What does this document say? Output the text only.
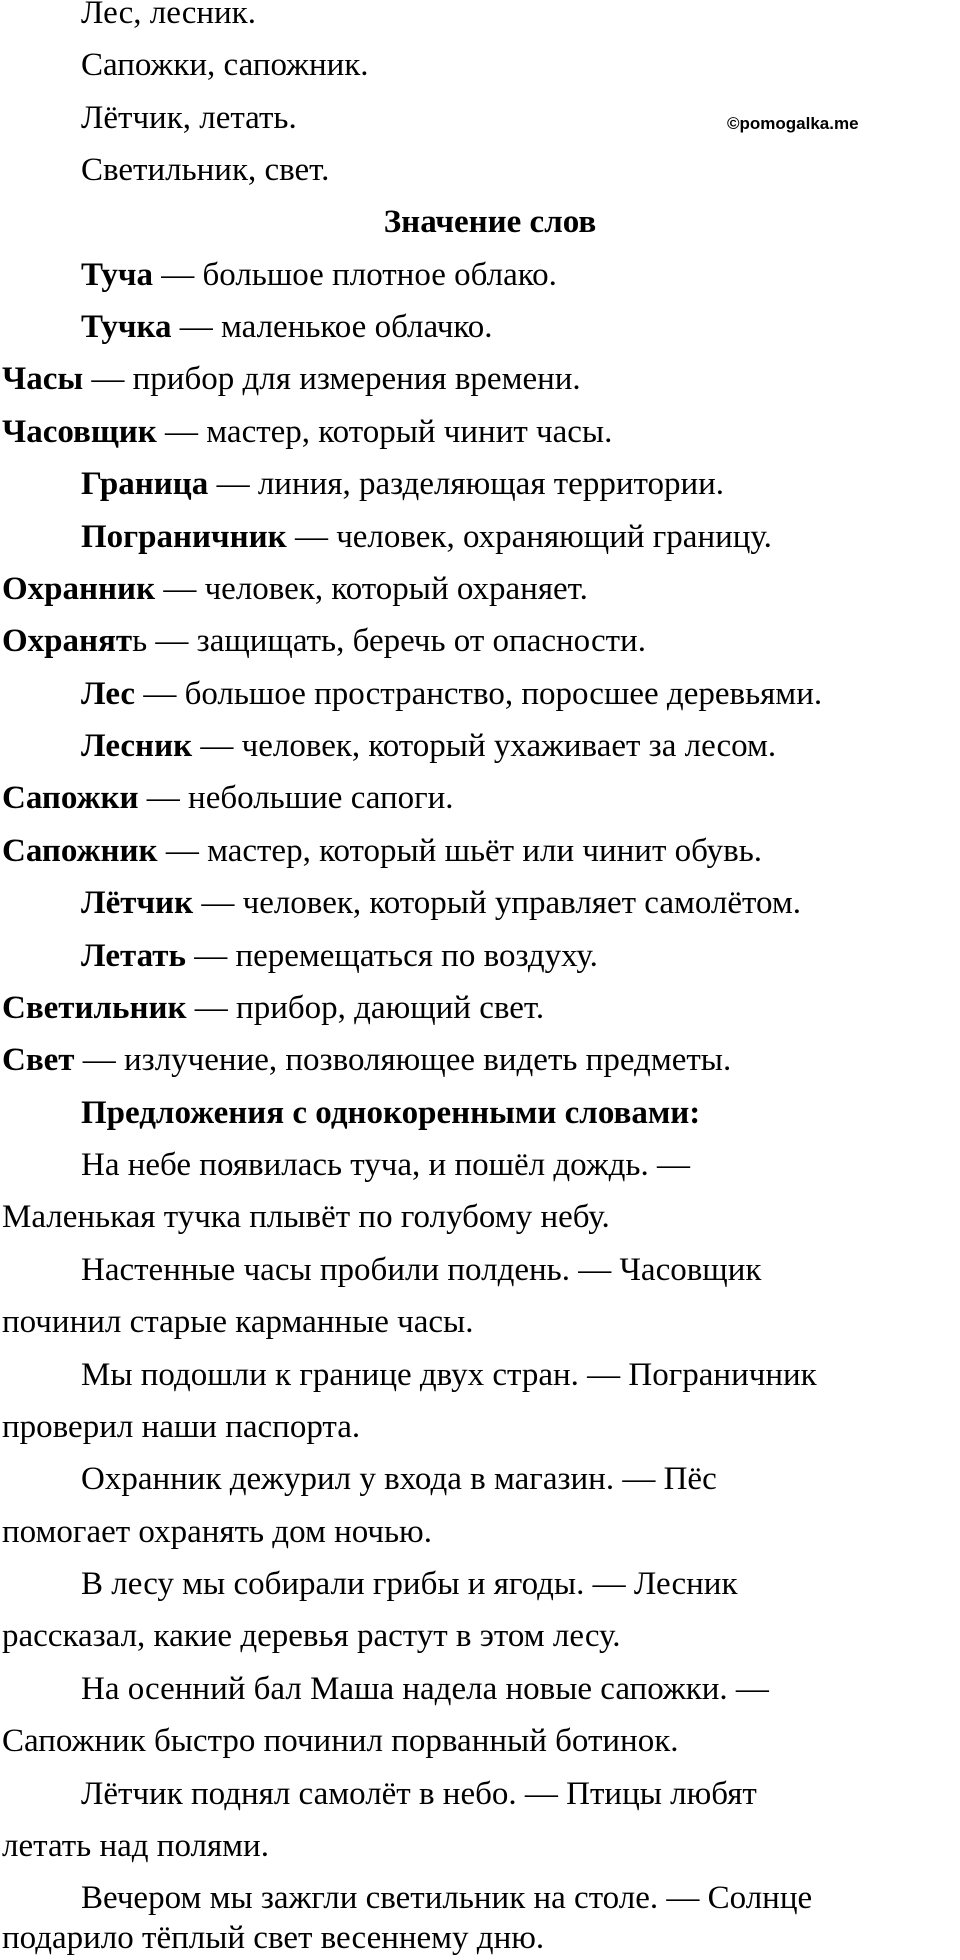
©pomogalka.me
Лес, лесник.
Сапожки, сапожник.
Лётчик, летать.
Светильник, свет.
Значение слов
Туча — большое плотное облако.
Тучка — маленькое облачко.
Часы — прибор для измерения времени.
Часовщик — мастер, который чинит часы.
Граница — линия, разделяющая территории.
Пограничник — человек, охраняющий границу.
Охранник — человек, который охраняет.
Охранять — защищать, беречь от опасности.
Лес — большое пространство, поросшее деревьями.
Лесник — человек, который ухаживает за лесом.
Сапожки — небольшие сапоги.
Сапожник — мастер, который шьёт или чинит обувь.
Лётчик — человек, который управляет самолётом.
Летать — перемещаться по воздуху.
Светильник — прибор, дающий свет.
Свет — излучение, позволяющее видеть предметы.
Предложения с однокоренными словами:
На небе появилась туча, и пошёл дождь. —
Маленькая тучка плывёт по голубому небу.
Настенные часы пробили полдень. — Часовщик
починил старые карманные часы.
Мы подошли к границе двух стран. — Пограничник
проверил наши паспорта.
Охранник дежурил у входа в магазин. — Пёс
помогает охранять дом ночью.
В лесу мы собирали грибы и ягоды. — Лесник
рассказал, какие деревья растут в этом лесу.
На осенний бал Маша надела новые сапожки. —
Сапожник быстро починил порванный ботинок.
Лётчик поднял самолёт в небо. — Птицы любят
летать над полями.
Вечером мы зажгли светильник на столе. — Солнце
подарило тёплый свет весеннему дню.
